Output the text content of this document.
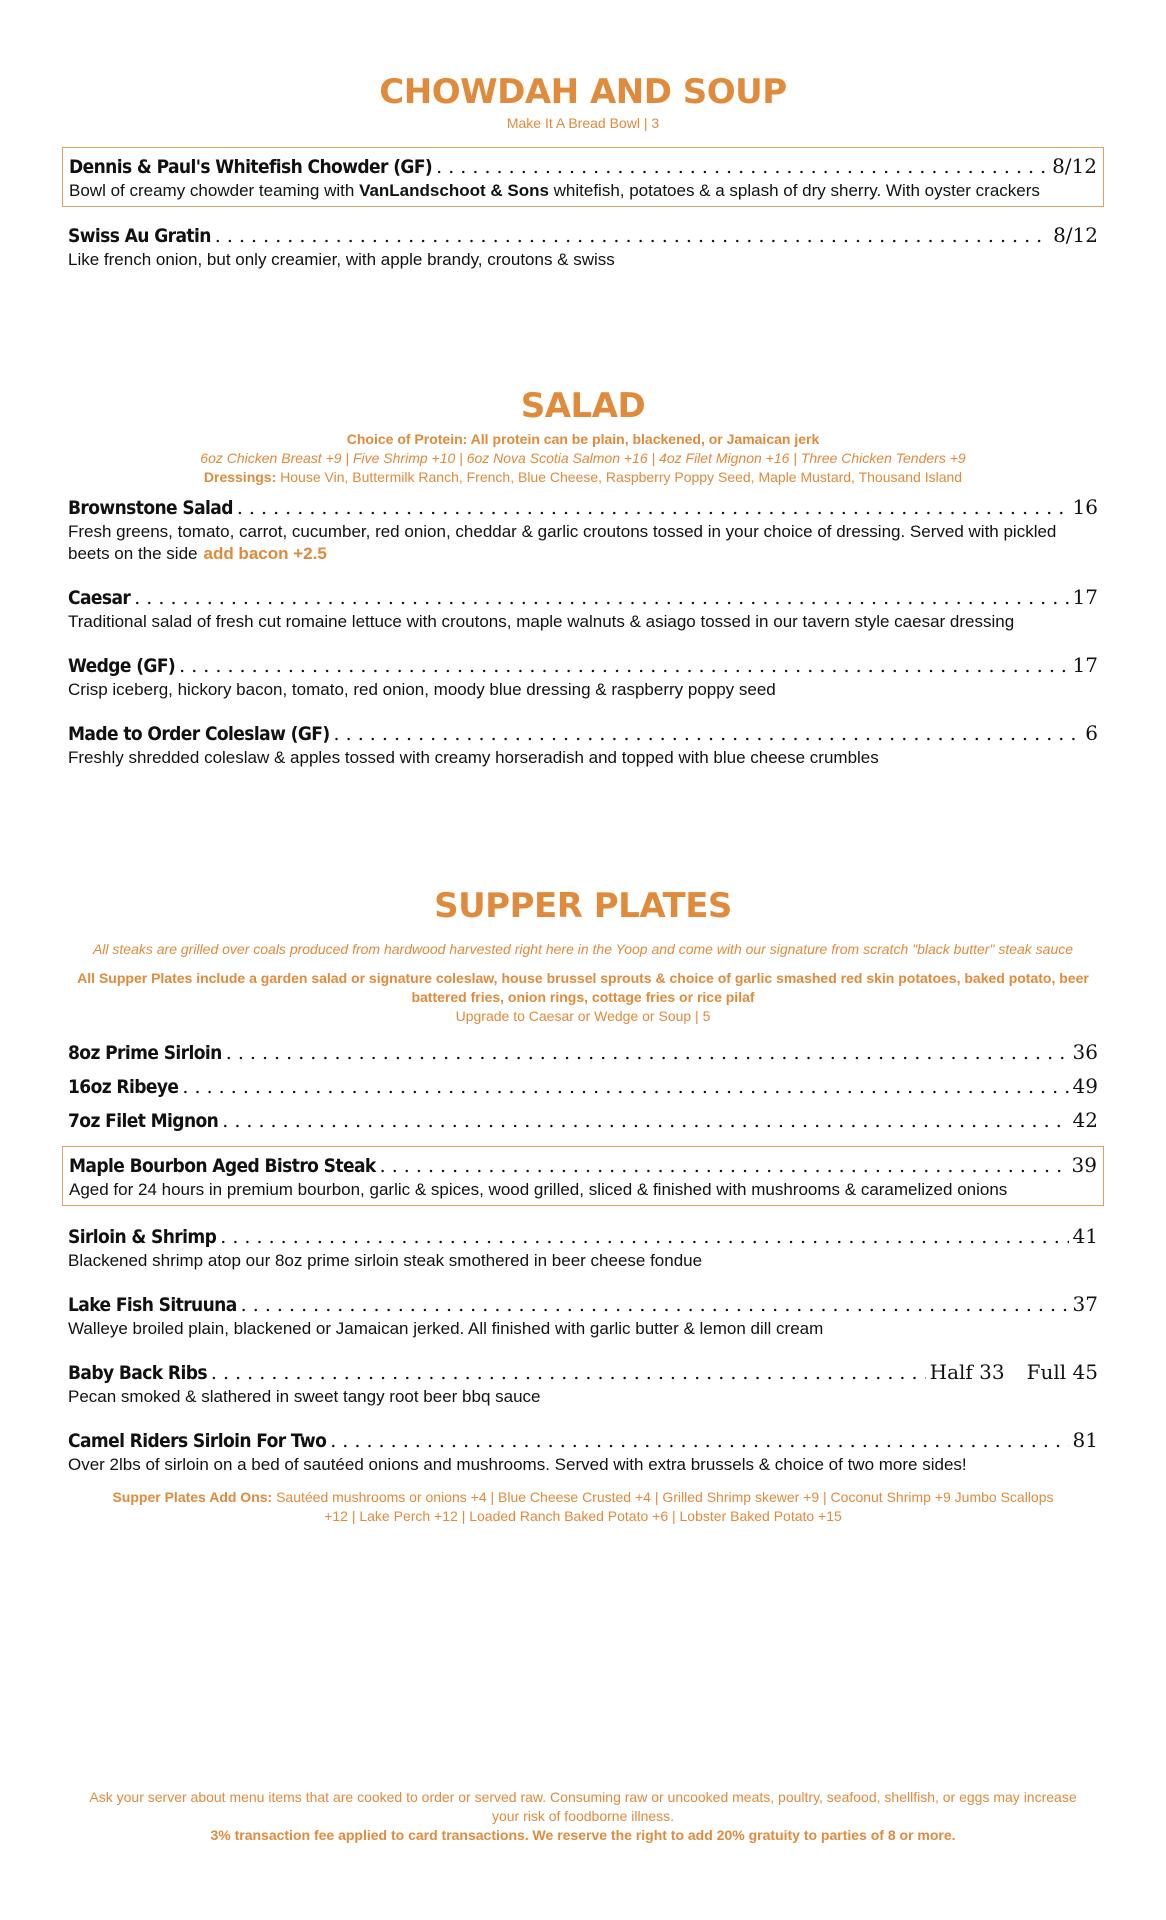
CHOWDAH AND SOUP
Make It A Bread Bowl | 3
Dennis & Paul's Whitefish Chowder (GF) . . .	8/12
Bowl of creamy chowder teaming with VanLandschoot & Sons whitefish, potatoes & a splash of dry sherry. With oyster crackers
Swiss Au Gratin . . .	8/12
Like french onion, but only creamier, with apple brandy, croutons & swiss
SALAD
Choice of Protein: All protein can be plain, blackened, or Jamaican jerk
6oz Chicken Breast +9 | Five Shrimp +10 | 6oz Nova Scotia Salmon +16 | 4oz Filet Mignon +16 | Three Chicken Tenders +9
Dressings: House Vin, Buttermilk Ranch, French, Blue Cheese, Raspberry Poppy Seed, Maple Mustard, Thousand Island
Brownstone Salad . . .	16
Fresh greens, tomato, carrot, cucumber, red onion, cheddar & garlic croutons tossed in your choice of dressing. Served with pickled beets on the side add bacon +2.5
Caesar . . .	17
Traditional salad of fresh cut romaine lettuce with croutons, maple walnuts & asiago tossed in our tavern style caesar dressing
Wedge (GF) . . .	17
Crisp iceberg, hickory bacon, tomato, red onion, moody blue dressing & raspberry poppy seed
Made to Order Coleslaw (GF) . . .	6
Freshly shredded coleslaw & apples tossed with creamy horseradish and topped with blue cheese crumbles
SUPPER PLATES
All steaks are grilled over coals produced from hardwood harvested right here in the Yoop and come with our signature from scratch "black butter" steak sauce
All Supper Plates include a garden salad or signature coleslaw, house brussel sprouts & choice of garlic smashed red skin potatoes, baked potato, beer battered fries, onion rings, cottage fries or rice pilaf
Upgrade to Caesar or Wedge or Soup | 5
8oz Prime Sirloin . . .	36
16oz Ribeye . . .	49
7oz Filet Mignon . . .	42
Maple Bourbon Aged Bistro Steak . . .	39
Aged for 24 hours in premium bourbon, garlic & spices, wood grilled, sliced & finished with mushrooms & caramelized onions
Sirloin & Shrimp . . .	41
Blackened shrimp atop our 8oz prime sirloin steak smothered in beer cheese fondue
Lake Fish Sitruuna . . .	37
Walleye broiled plain, blackened or Jamaican jerked. All finished with garlic butter & lemon dill cream
Baby Back Ribs . . .	Half 33 Full 45
Pecan smoked & slathered in sweet tangy root beer bbq sauce
Camel Riders Sirloin For Two . . .	81
Over 2lbs of sirloin on a bed of sautéed onions and mushrooms. Served with extra brussels & choice of two more sides!
Supper Plates Add Ons: Sautéed mushrooms or onions +4 | Blue Cheese Crusted +4 | Grilled Shrimp skewer +9 | Coconut Shrimp +9 Jumbo Scallops +12 | Lake Perch +12 | Loaded Ranch Baked Potato +6 | Lobster Baked Potato +15
Ask your server about menu items that are cooked to order or served raw. Consuming raw or uncooked meats, poultry, seafood, shellfish, or eggs may increase your risk of foodborne illness.
3% transaction fee applied to card transactions. We reserve the right to add 20% gratuity to parties of 8 or more.
